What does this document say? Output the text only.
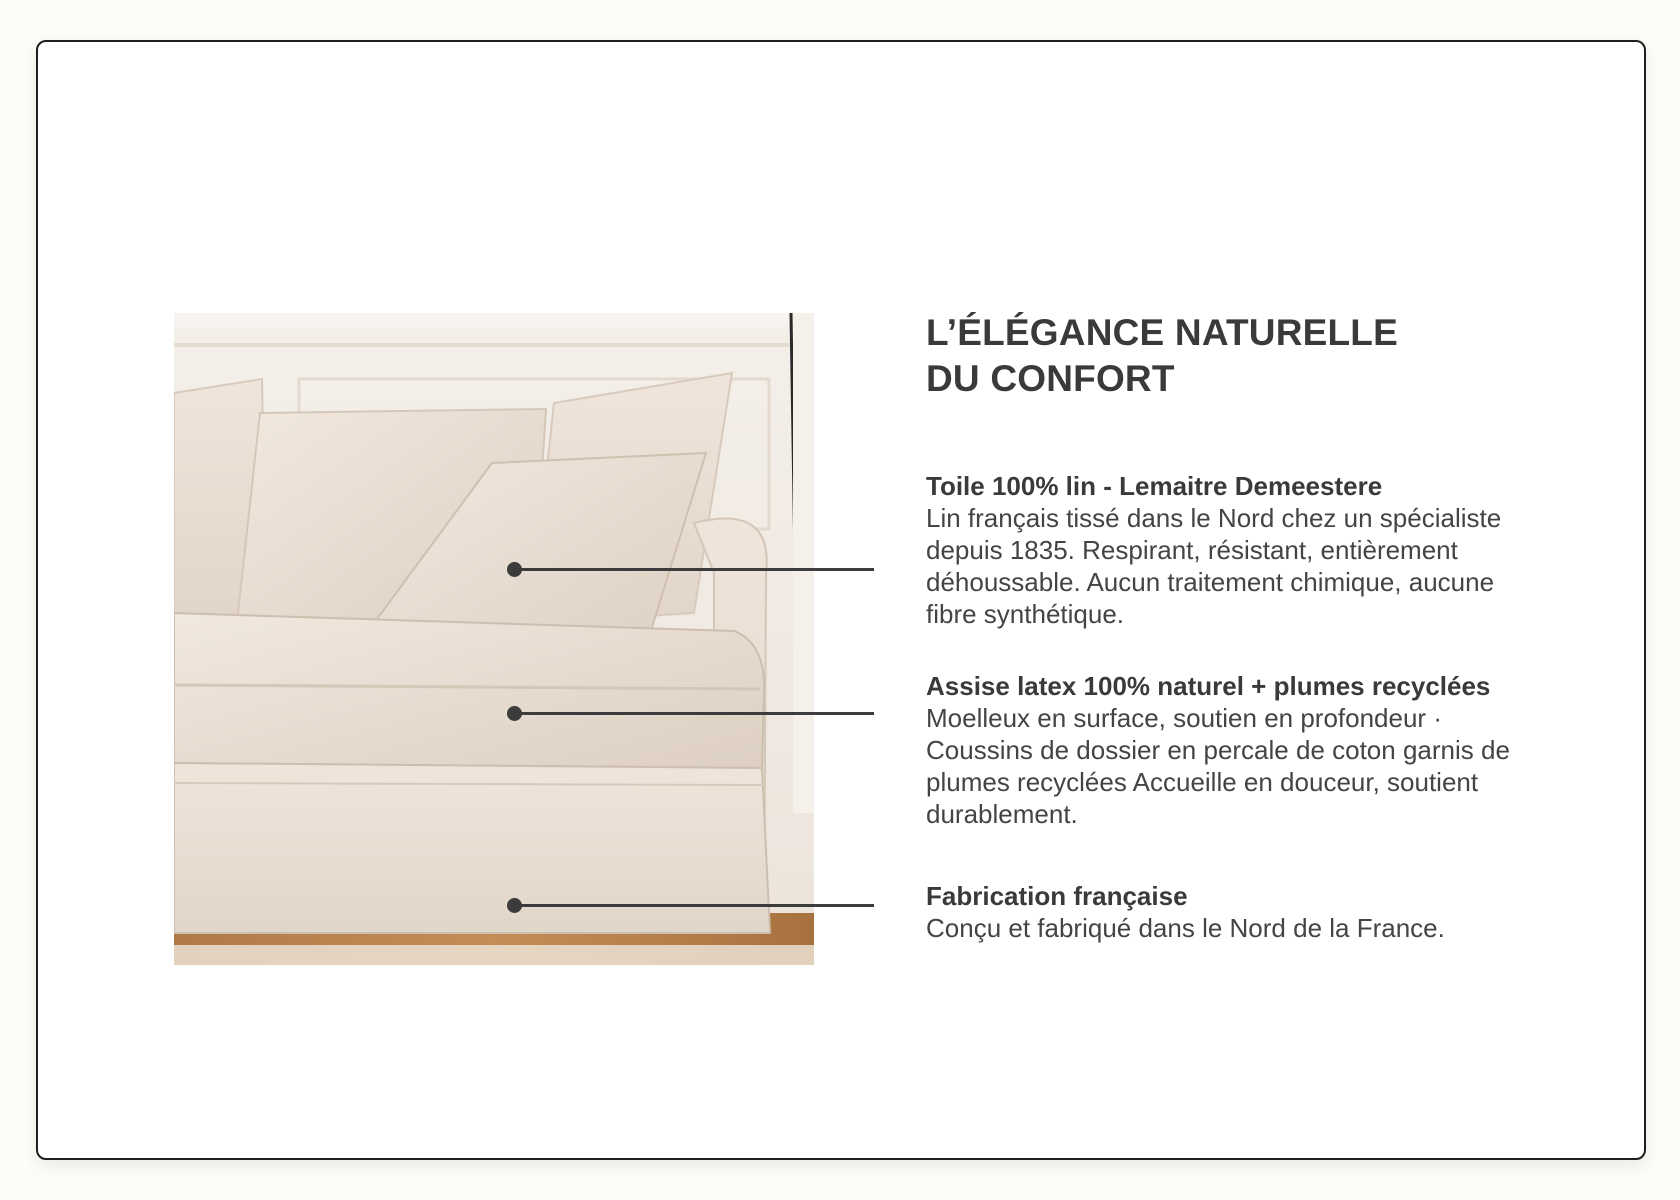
L’ÉLÉGANCE NATURELLE
DU CONFORT
Toile 100% lin - Lemaitre Demeestere
Lin français tissé dans le Nord chez un spécialiste depuis 1835. Respirant, résistant, entièrement déhoussable. Aucun traitement chimique, aucune fibre synthétique.
Assise latex 100% naturel + plumes recyclées
Moelleux en surface, soutien en profondeur · Coussins de dossier en percale de coton garnis de plumes recyclées Accueille en douceur, soutient durablement.
Fabrication française
Conçu et fabriqué dans le Nord de la France.
